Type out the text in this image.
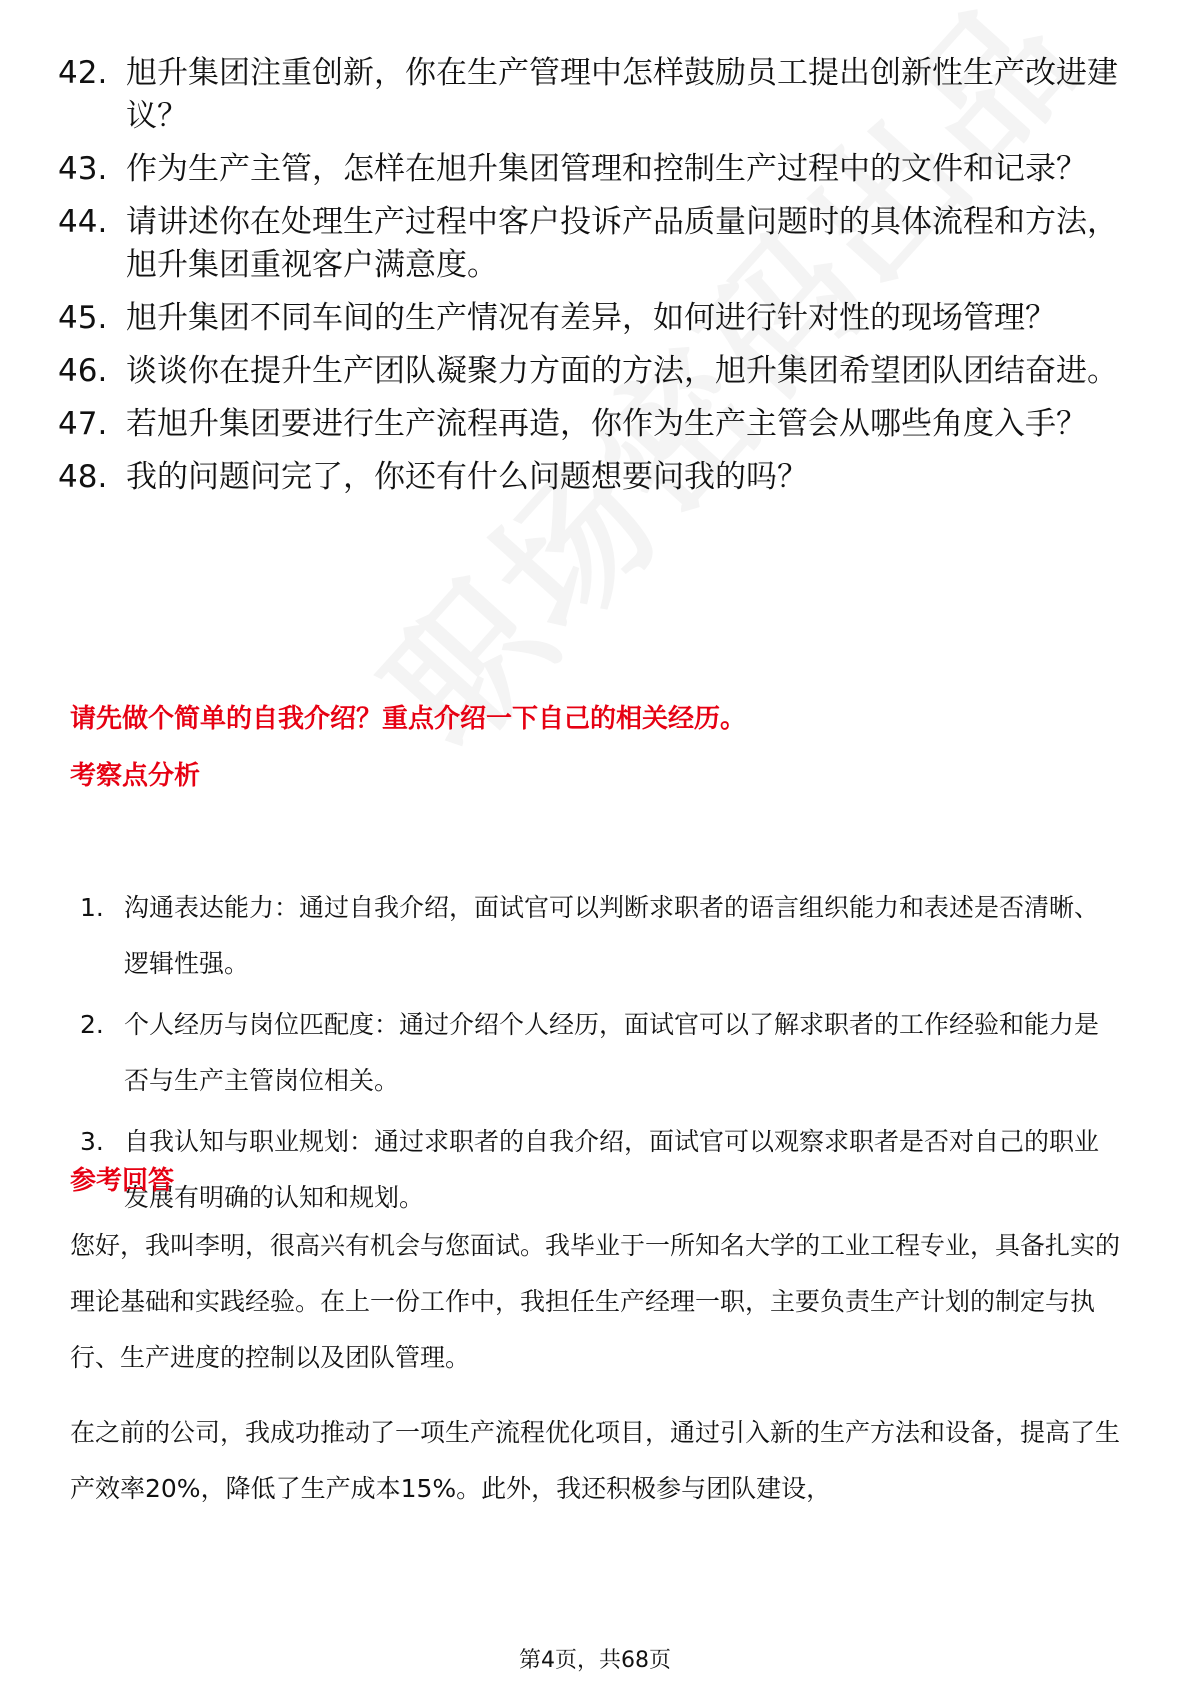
42. 旭升集团注重创新，你在生产管理中怎样鼓励员工提出创新性生产改进建议？
43. 作为生产主管，怎样在旭升集团管理和控制生产过程中的文件和记录？
44. 请讲述你在处理生产过程中客户投诉产品质量问题时的具体流程和方法，旭升集团重视客户满意度。
45. 旭升集团不同车间的生产情况有差异，如何进行针对性的现场管理？
46. 谈谈你在提升生产团队凝聚力方面的方法，旭升集团希望团队团结奋进。
47. 若旭升集团要进行生产流程再造，你作为生产主管会从哪些角度入手？
48. 我的问题问完了，你还有什么问题想要问我的吗？
请先做个简单的自我介绍？重点介绍一下自己的相关经历。
考察点分析
1. 沟通表达能力：通过自我介绍，面试官可以判断求职者的语言组织能力和表述是否清晰、逻辑性强。
2. 个人经历与岗位匹配度：通过介绍个人经历，面试官可以了解求职者的工作经验和能力是否与生产主管岗位相关。
3. 自我认知与职业规划：通过求职者的自我介绍，面试官可以观察求职者是否对自己的职业发展有明确的认知和规划。
参考回答
您好，我叫李明，很高兴有机会与您面试。我毕业于一所知名大学的工业工程专业，具备扎实的理论基础和实践经验。在上一份工作中，我担任生产经理一职，主要负责生产计划的制定与执行、生产进度的控制以及团队管理。
在之前的公司，我成功推动了一项生产流程优化项目，通过引入新的生产方法和设备，提高了生产效率20%，降低了生产成本15%。此外，我还积极参与团队建设，
第4页，共68页
